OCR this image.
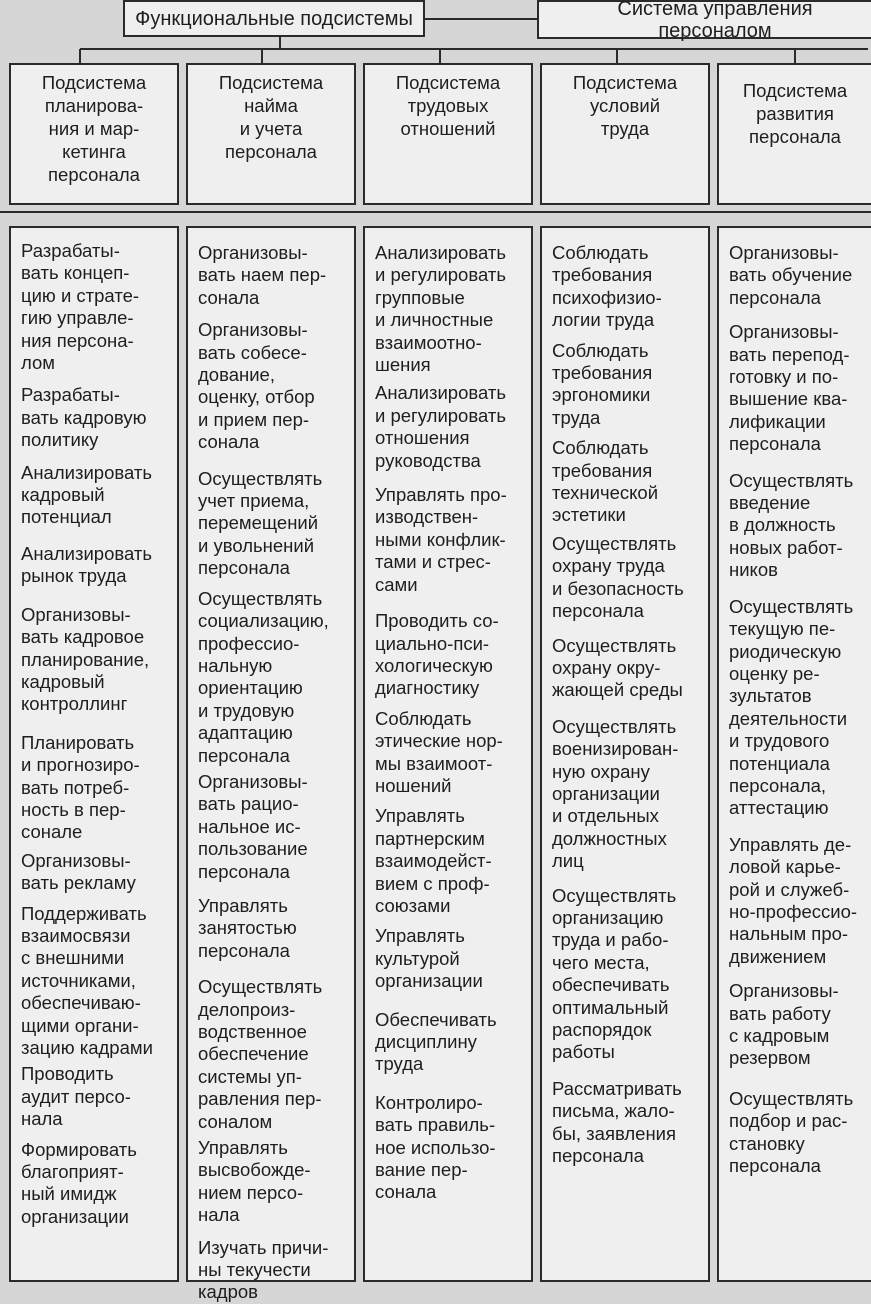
Функциональные подсистемы	Система управления персоналом
Подсистема
планирова-
ния и мар-
кетинга
персонала
Подсистема
найма
и учета
персонала
Подсистема
трудовых
отношений
Подсистема
условий
труда
Подсистема
развития
персонала

Разрабаты-
вать концеп-
цию и страте-
гию управле-
ния персона-
лом

Разрабаты-
вать кадровую
политику

Анализировать
кадровый
потенциал

Анализировать
рынок труда

Организовы-
вать кадровое
планирование,
кадровый
контроллинг

Планировать
и прогнозиро-
вать потреб-
ность в пер-
сонале

Организовы-
вать рекламу

Поддерживать
взаимосвязи
с внешними
источниками,
обеспечиваю-
щими органи-
зацию кадрами

Проводить
аудит персо-
нала

Формировать
благоприят-
ный имидж
организации

Организовы-
вать наем пер-
сонала

Организовы-
вать собесе-
дование,
оценку, отбор
и прием пер-
сонала

Осуществлять
учет приема,
перемещений
и увольнений
персонала

Осуществлять
социализацию,
профессио-
нальную
ориентацию
и трудовую
адаптацию
персонала

Организовы-
вать рацио-
нальное ис-
пользование
персонала

Управлять
занятостью
персонала

Осуществлять
делопроиз-
водственное
обеспечение
системы уп-
равления пер-
соналом

Управлять
высвобожде-
нием персо-
нала

Изучать причи-
ны текучести
кадров

Анализировать
и регулировать
групповые
и личностные
взаимоотно-
шения

Анализировать
и регулировать
отношения
руководства

Управлять про-
изводствен-
ными конфлик-
тами и стрес-
сами

Проводить со-
циально-пси-
хологическую
диагностику

Соблюдать
этические нор-
мы взаимоот-
ношений

Управлять
партнерским
взаимодейст-
вием с проф-
союзами

Управлять
культурой
организации

Обеспечивать
дисциплину
труда

Контролиро-
вать правиль-
ное использо-
вание пер-
сонала

Соблюдать
требования
психофизио-
логии труда

Соблюдать
требования
эргономики
труда

Соблюдать
требования
технической
эстетики

Осуществлять
охрану труда
и безопасность
персонала

Осуществлять
охрану окру-
жающей среды

Осуществлять
военизирован-
ную охрану
организации
и отдельных
должностных
лиц

Осуществлять
организацию
труда и рабо-
чего места,
обеспечивать
оптимальный
распорядок
работы

Рассматривать
письма, жало-
бы, заявления
персонала

Организовы-
вать обучение
персонала

Организовы-
вать перепод-
готовку и по-
вышение ква-
лификации
персонала

Осуществлять
введение
в должность
новых работ-
ников

Осуществлять
текущую пе-
риодическую
оценку ре-
зультатов
деятельности
и трудового
потенциала
персонала,
аттестацию

Управлять де-
ловой карье-
рой и служеб-
но-профессио-
нальным про-
движением

Организовы-
вать работу
с кадровым
резервом

Осуществлять
подбор и рас-
становку
персонала
